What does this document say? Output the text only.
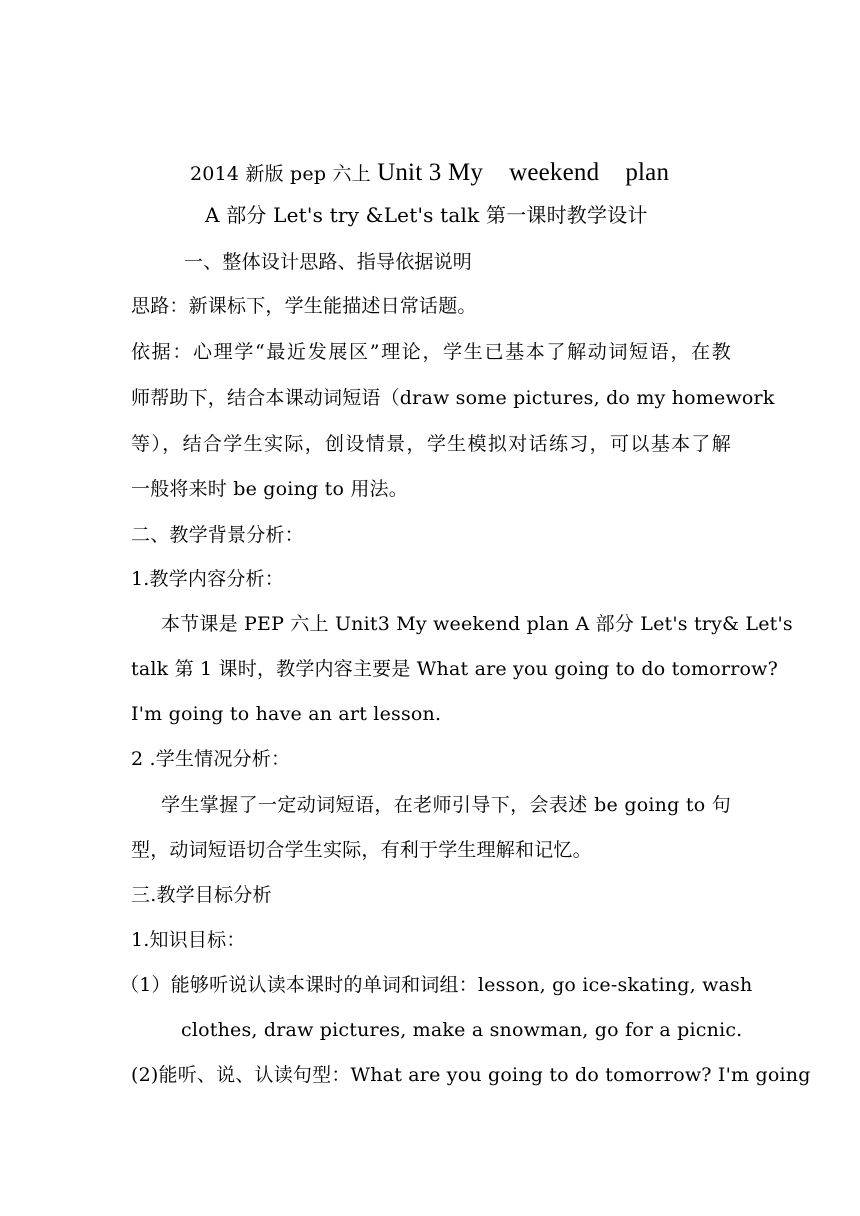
2014 新版 pep 六上 Unit 3 My weekend plan
A 部分 Let's try &Let's talk 第一课时教学设计
一、整体设计思路、指导依据说明
思路：新课标下，学生能描述日常话题。
依据：心理学“最近发展区”理论，学生已基本了解动词短语，在教
师帮助下，结合本课动词短语（draw some pictures, do my homework
等），结合学生实际，创设情景，学生模拟对话练习，可以基本了解
一般将来时 be going to 用法。
二、教学背景分析：
1.教学内容分析：
本节课是 PEP 六上 Unit3 My weekend plan A 部分 Let's try& Let's
talk 第 1 课时，教学内容主要是 What are you going to do tomorrow?
I'm going to have an art lesson.
2 .学生情况分析：
学生掌握了一定动词短语，在老师引导下，会表述 be going to 句
型，动词短语切合学生实际，有利于学生理解和记忆。
三.教学目标分析
1.知识目标：
（1）能够听说认读本课时的单词和词组：lesson, go ice-skating, wash
clothes, draw pictures, make a snowman, go for a picnic.
(2)能听、说、认读句型：What are you going to do tomorrow? I'm going
